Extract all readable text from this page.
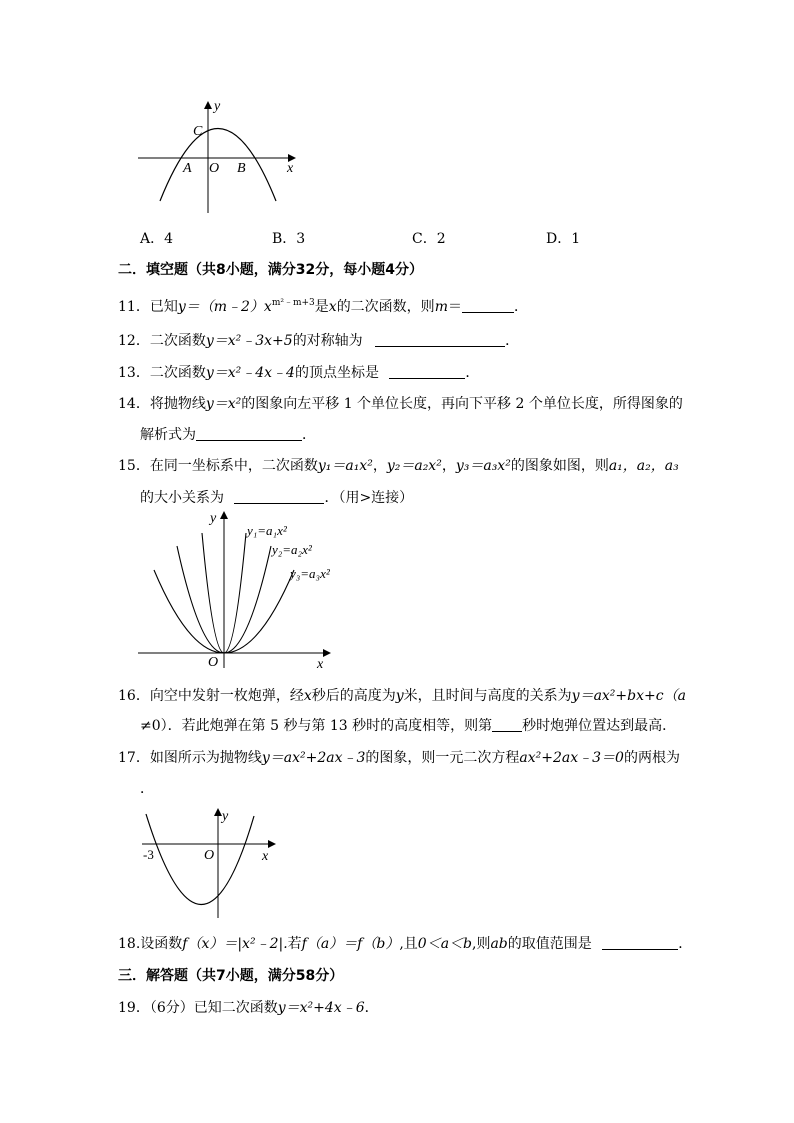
y
x
C
A O B
A．4	B．3	C．2	D．1
二．填空题（共8小题，满分32分，每小题4分）
11．已知$y=(m﹣2)x^{m^2﹣m+3}$是x的二次函数，则m＝	．
12．二次函数y＝x²﹣3x+5的对称轴为	．
13．二次函数y＝x²﹣4x﹣4的顶点坐标是	．
14．将抛物线y＝x²的图象向左平移 1 个单位长度，再向下平移 2 个单位长度，所得图象的
解析式为	．
15．在同一坐标系中，二次函数y₁＝a₁x²，y₂＝a₂x²，y₃＝a₃x²的图象如图，则a₁，a₂，a₃
的大小关系为	．（用>连接）
y
x
O
y₁=a₁x²
y₂=a₂x²
y₃=a₃x²
16．向空中发射一枚炮弹，经x秒后的高度为y米，且时间与高度的关系为y＝ax²+bx+c（a
≠0）．若此炮弹在第 5 秒与第 13 秒时的高度相等，则第 秒时炮弹位置达到最高．
17．如图所示为抛物线y＝ax²+2ax﹣3的图象，则一元二次方程ax²+2ax﹣3＝0的两根为
．
y
x
O
-3
18.设函数f（x）＝|x²﹣2|.若f（a）＝f（b）,且0＜a＜b,则ab的取值范围是	．
三．解答题（共7小题，满分58分）
19．（6分）已知二次函数y＝x²+4x﹣6．
